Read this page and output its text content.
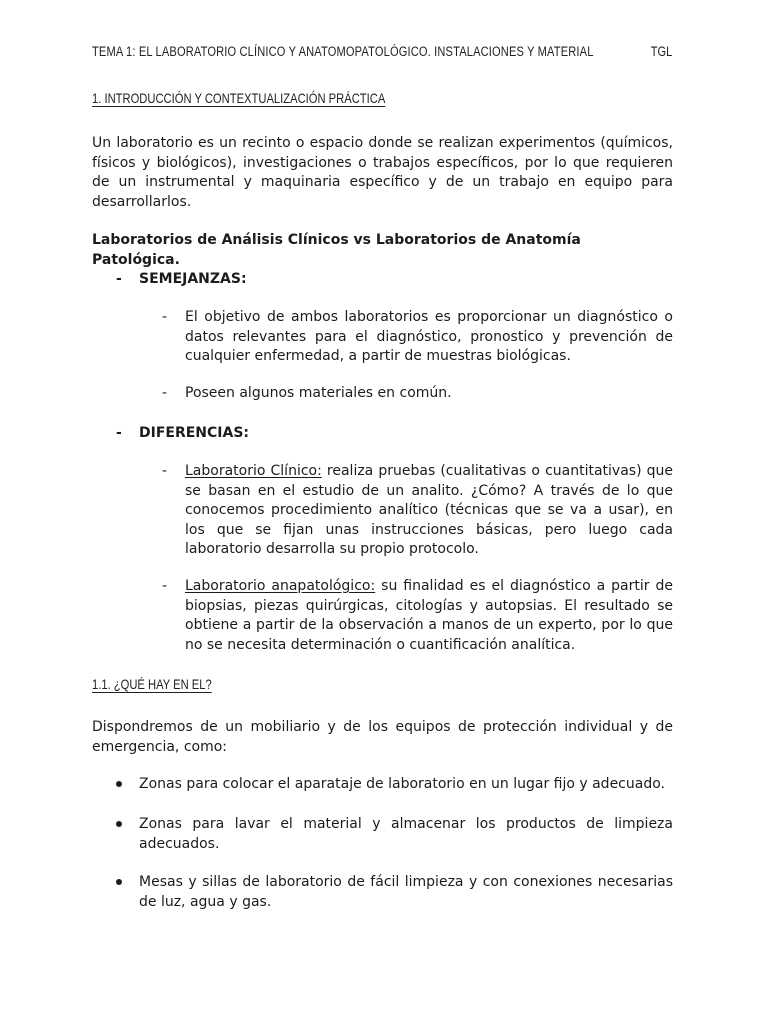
TEMA 1: EL LABORATORIO CLÍNICO Y ANATOMOPATOLÓGICO. INSTALACIONES Y MATERIAL	TGL
1. INTRODUCCIÓN Y CONTEXTUALIZACIÓN PRÁCTICA
Un laboratorio es un recinto o espacio donde se realizan experimentos (químicos, físicos y biológicos), investigaciones o trabajos específicos, por lo que requieren de un instrumental y maquinaria específico y de un trabajo en equipo para desarrollarlos.
Laboratorios de Análisis Clínicos vs Laboratorios de Anatomía Patológica.
- SEMEJANZAS:
- El objetivo de ambos laboratorios es proporcionar un diagnóstico o datos relevantes para el diagnóstico, pronostico y prevención de cualquier enfermedad, a partir de muestras biológicas.
- Poseen algunos materiales en común.
- DIFERENCIAS:
- Laboratorio Clínico: realiza pruebas (cualitativas o cuantitativas) que se basan en el estudio de un analito. ¿Cómo? A través de lo que conocemos procedimiento analítico (técnicas que se va a usar), en los que se fijan unas instrucciones básicas, pero luego cada laboratorio desarrolla su propio protocolo.
- Laboratorio anapatológico: su finalidad es el diagnóstico a partir de biopsias, piezas quirúrgicas, citologías y autopsias. El resultado se obtiene a partir de la observación a manos de un experto, por lo que no se necesita determinación o cuantificación analítica.
1.1. ¿QUÉ HAY EN EL?
Dispondremos de un mobiliario y de los equipos de protección individual y de emergencia, como:
Zonas para colocar el aparataje de laboratorio en un lugar fijo y adecuado.
Zonas para lavar el material y almacenar los productos de limpieza adecuados.
Mesas y sillas de laboratorio de fácil limpieza y con conexiones necesarias de luz, agua y gas.
